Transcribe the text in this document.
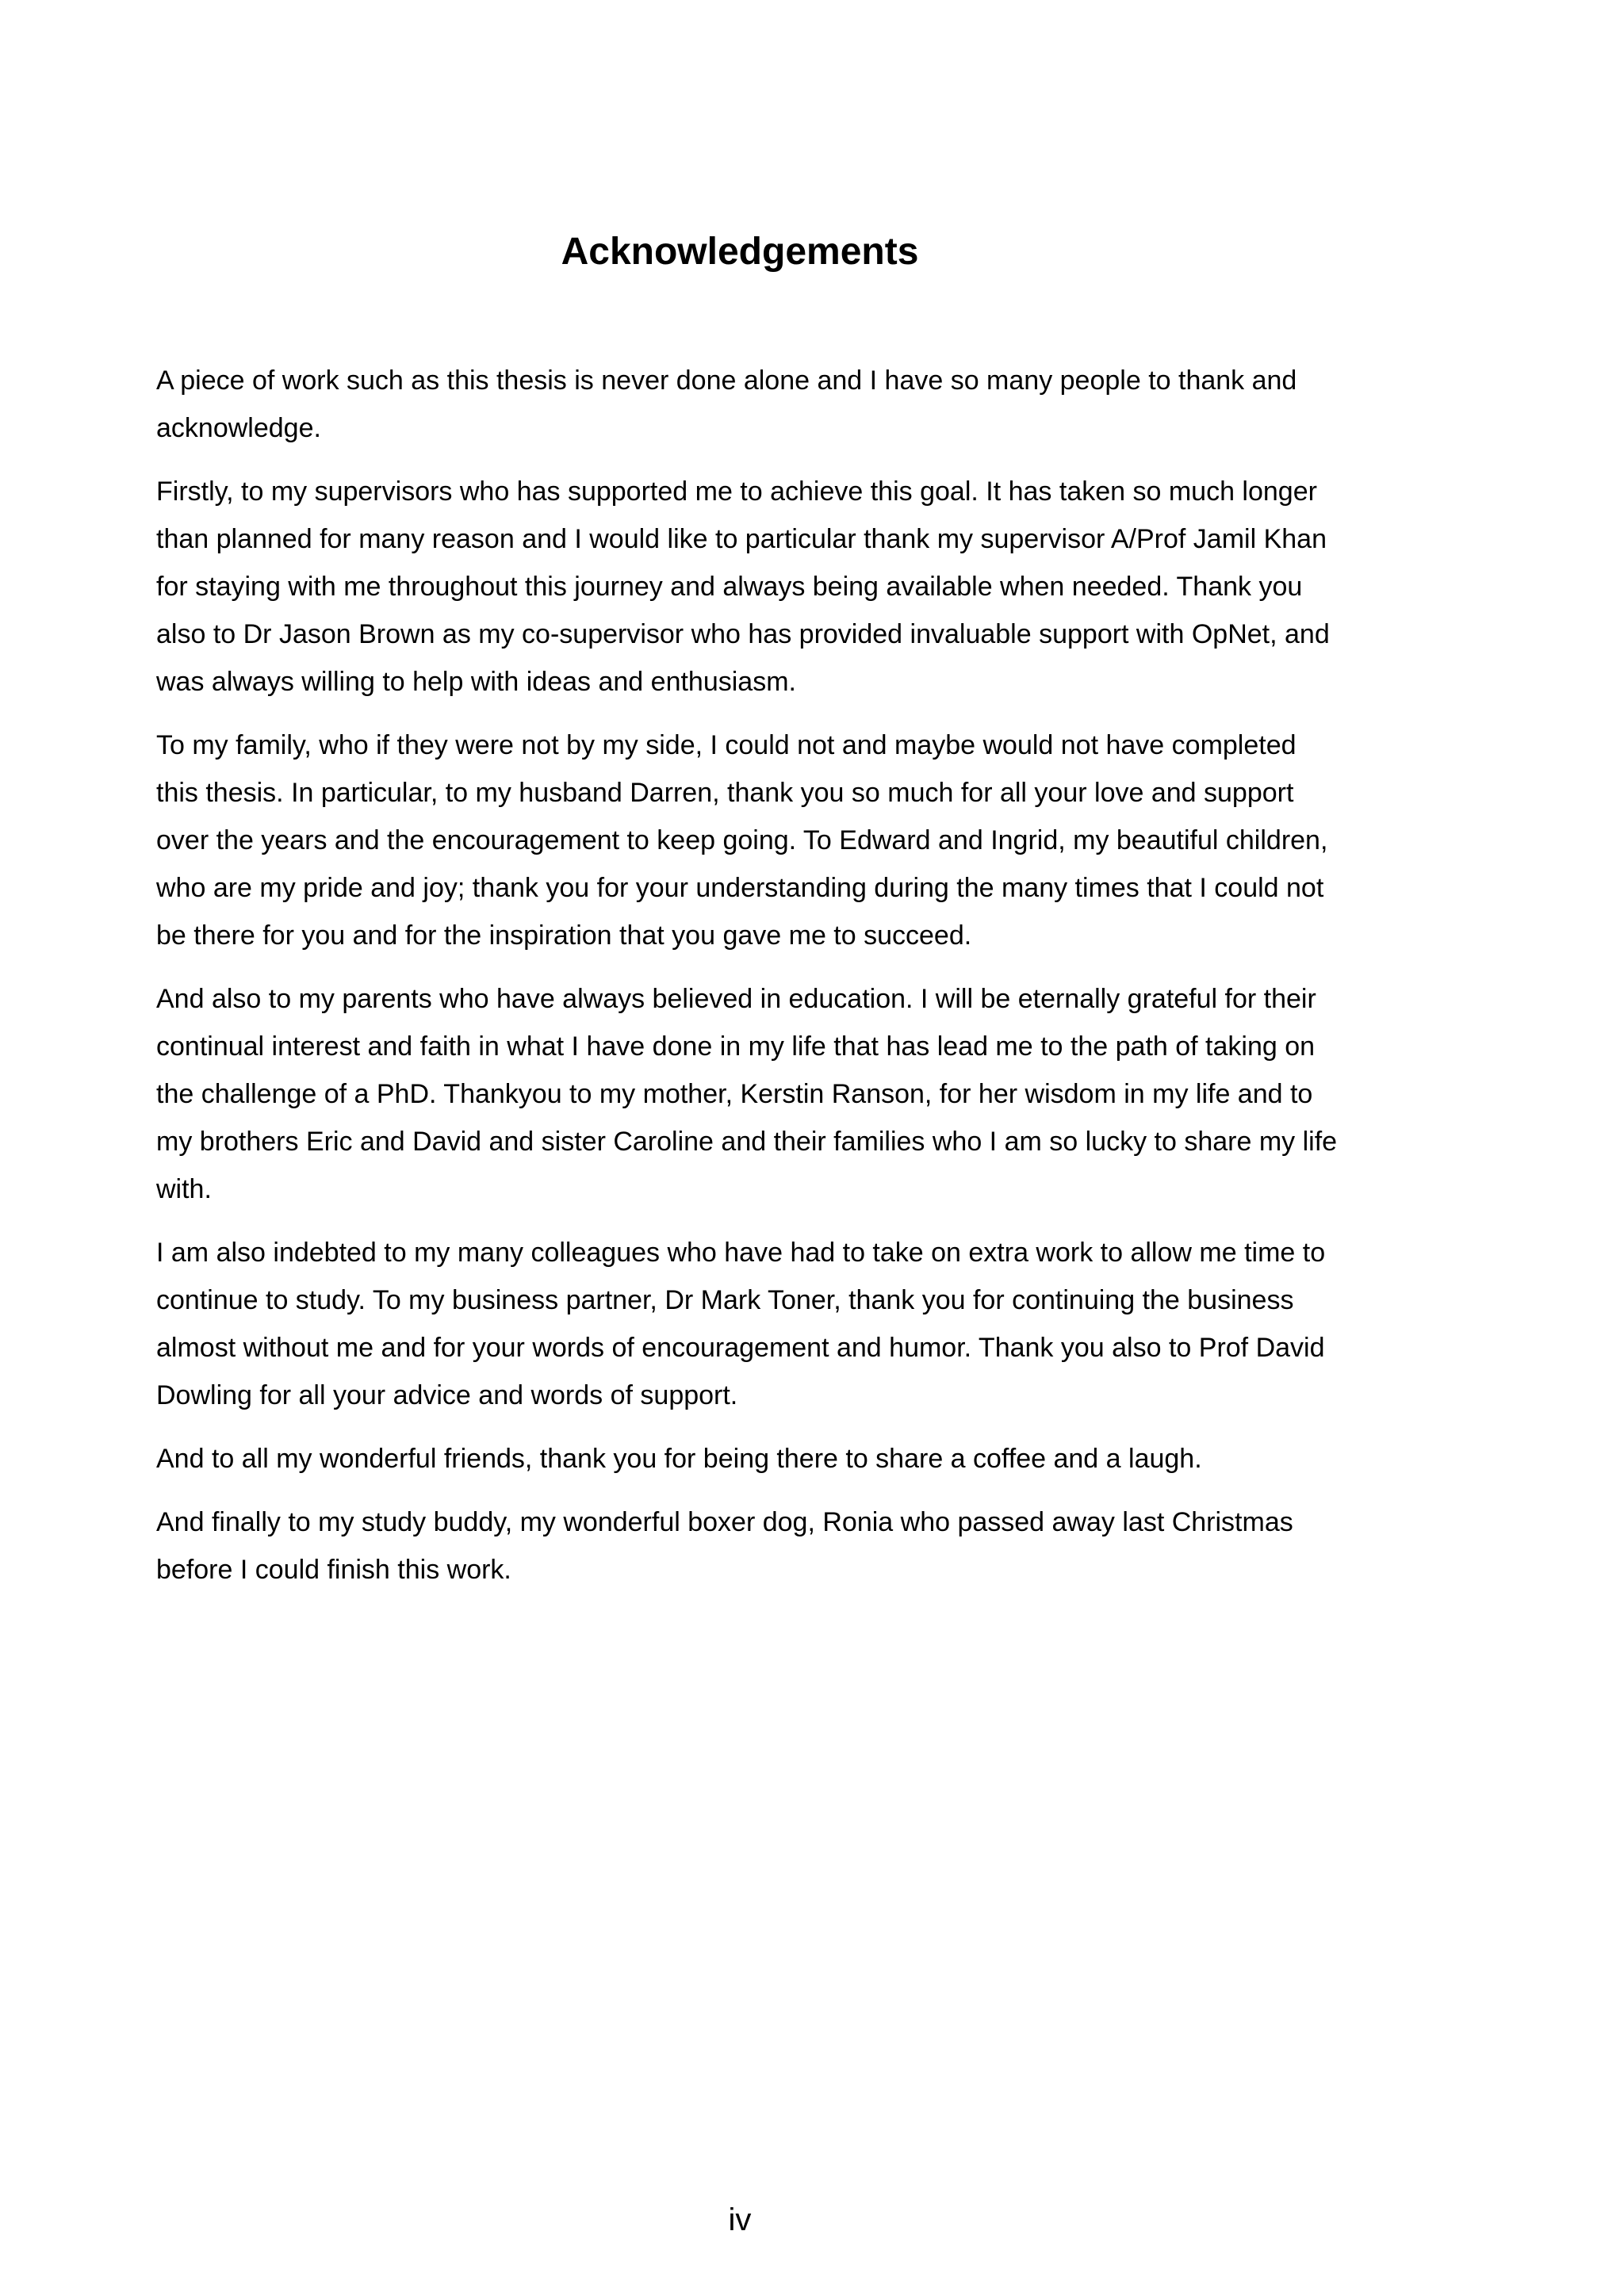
Acknowledgements

A piece of work such as this thesis is never done alone and I have so many people to thank and acknowledge.

Firstly, to my supervisors who has supported me to achieve this goal. It has taken so much longer than planned for many reason and I would like to particular thank my supervisor A/Prof Jamil Khan for staying with me throughout this journey and always being available when needed. Thank you also to Dr Jason Brown as my co-supervisor who has provided invaluable support with OpNet, and was always willing to help with ideas and enthusiasm.

To my family, who if they were not by my side, I could not and maybe would not have completed this thesis. In particular, to my husband Darren, thank you so much for all your love and support over the years and the encouragement to keep going. To Edward and Ingrid, my beautiful children, who are my pride and joy; thank you for your understanding during the many times that I could not be there for you and for the inspiration that you gave me to succeed.

And also to my parents who have always believed in education. I will be eternally grateful for their continual interest and faith in what I have done in my life that has lead me to the path of taking on the challenge of a PhD. Thankyou to my mother, Kerstin Ranson, for her wisdom in my life and to my brothers Eric and David and sister Caroline and their families who I am so lucky to share my life with.

I am also indebted to my many colleagues who have had to take on extra work to allow me time to continue to study. To my business partner, Dr Mark Toner, thank you for continuing the business almost without me and for your words of encouragement and humor. Thank you also to Prof David Dowling for all your advice and words of support.

And to all my wonderful friends, thank you for being there to share a coffee and a laugh.

And finally to my study buddy, my wonderful boxer dog, Ronia who passed away last Christmas before I could finish this work.

iv
